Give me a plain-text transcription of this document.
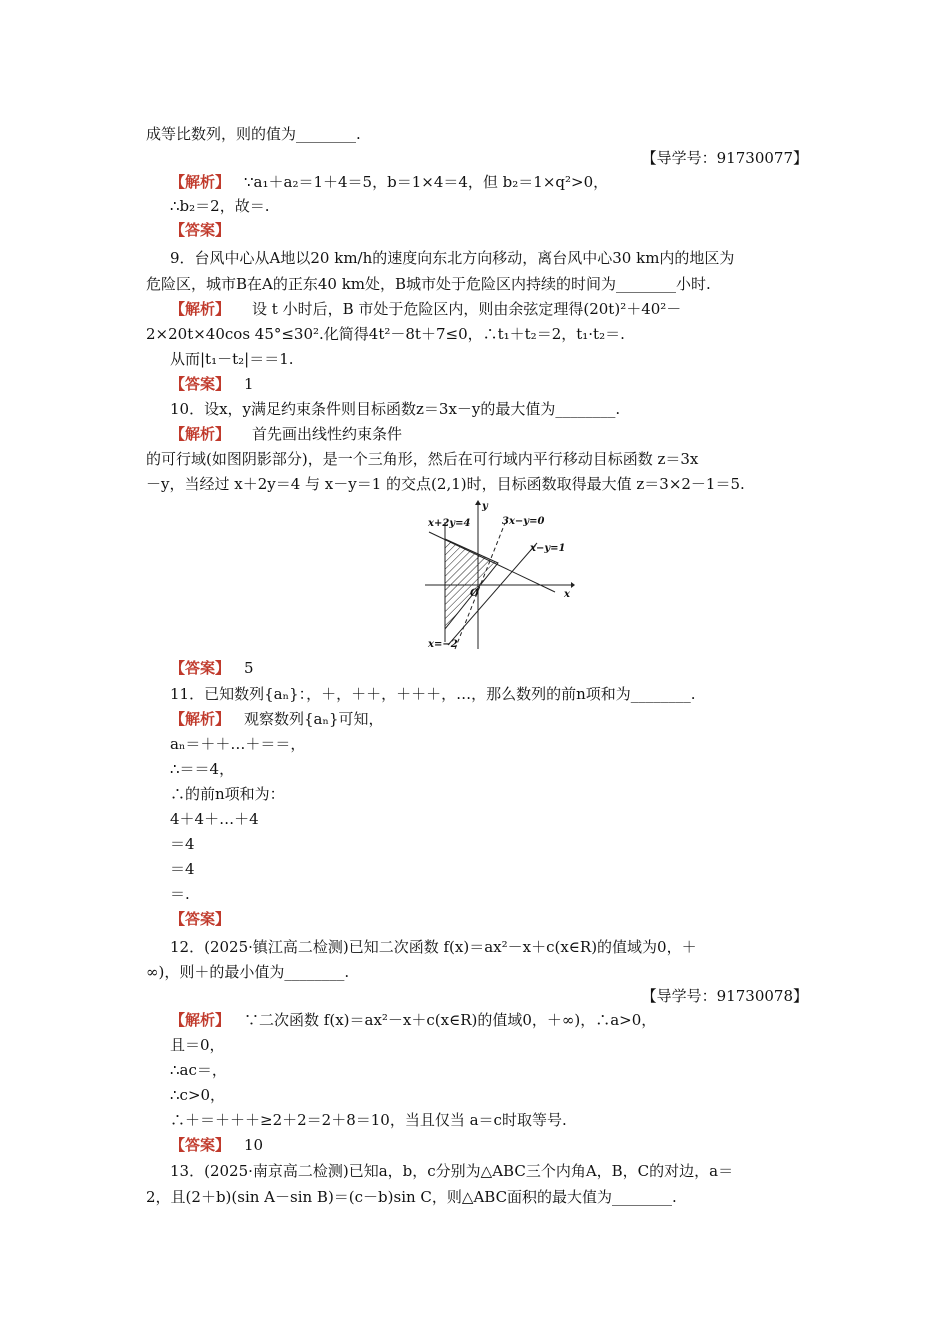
成等比数列，则的值为________.
【导学号：91730077】
【解析】 ∵a₁＋a₂＝1＋4＝5，b＝1×4＝4，但 b₂＝1×q²>0，
∴b₂＝2，故＝.
【答案】
9．台风中心从A地以20 km/h的速度向东北方向移动，离台风中心30 km内的地区为
危险区，城市B在A的正东40 km处，B城市处于危险区内持续的时间为________小时.
【解析】 设 t 小时后，B 市处于危险区内，则由余弦定理得(20t)²＋40²－
2×20t×40cos 45°≤30².化简得4t²－8t＋7≤0，∴t₁＋t₂＝2，t₁·t₂＝.
从而|t₁－t₂|＝＝1.
【答案】 1
10．设x，y满足约束条件则目标函数z＝3x－y的最大值为________.
【解析】 首先画出线性约束条件
的可行域(如图阴影部分)，是一个三角形，然后在可行域内平行移动目标函数 z＝3x
－y，当经过 x＋2y＝4 与 x－y＝1 的交点(2,1)时，目标函数取得最大值 z＝3×2－1＝5.
x+2y=4	3x−y=0
x−y=1
x=−2
y
x
O
【答案】 5
11．已知数列{aₙ}：，＋，＋＋，＋＋＋，…，那么数列的前n项和为________.
【解析】 观察数列{aₙ}可知，
aₙ＝＋＋…＋＝＝，
∴＝＝4，
∴的前n项和为：
4＋4＋…＋4
＝4
＝4
＝.
【答案】
12．(2025·镇江高二检测)已知二次函数 f(x)＝ax²－x＋c(x∈R)的值域为0，＋
∞)，则＋的最小值为________.
【导学号：91730078】
【解析】 ∵二次函数 f(x)＝ax²－x＋c(x∈R)的值域0，＋∞)，∴a>0，
且＝0，
∴ac＝，
∴c>0，
∴＋＝＋＋＋≥2＋2＝2＋8＝10，当且仅当 a＝c时取等号.
【答案】 10
13．(2025·南京高二检测)已知a，b，c分别为△ABC三个内角A，B，C的对边，a＝
2，且(2＋b)(sin A－sin B)＝(c－b)sin C，则△ABC面积的最大值为________.
